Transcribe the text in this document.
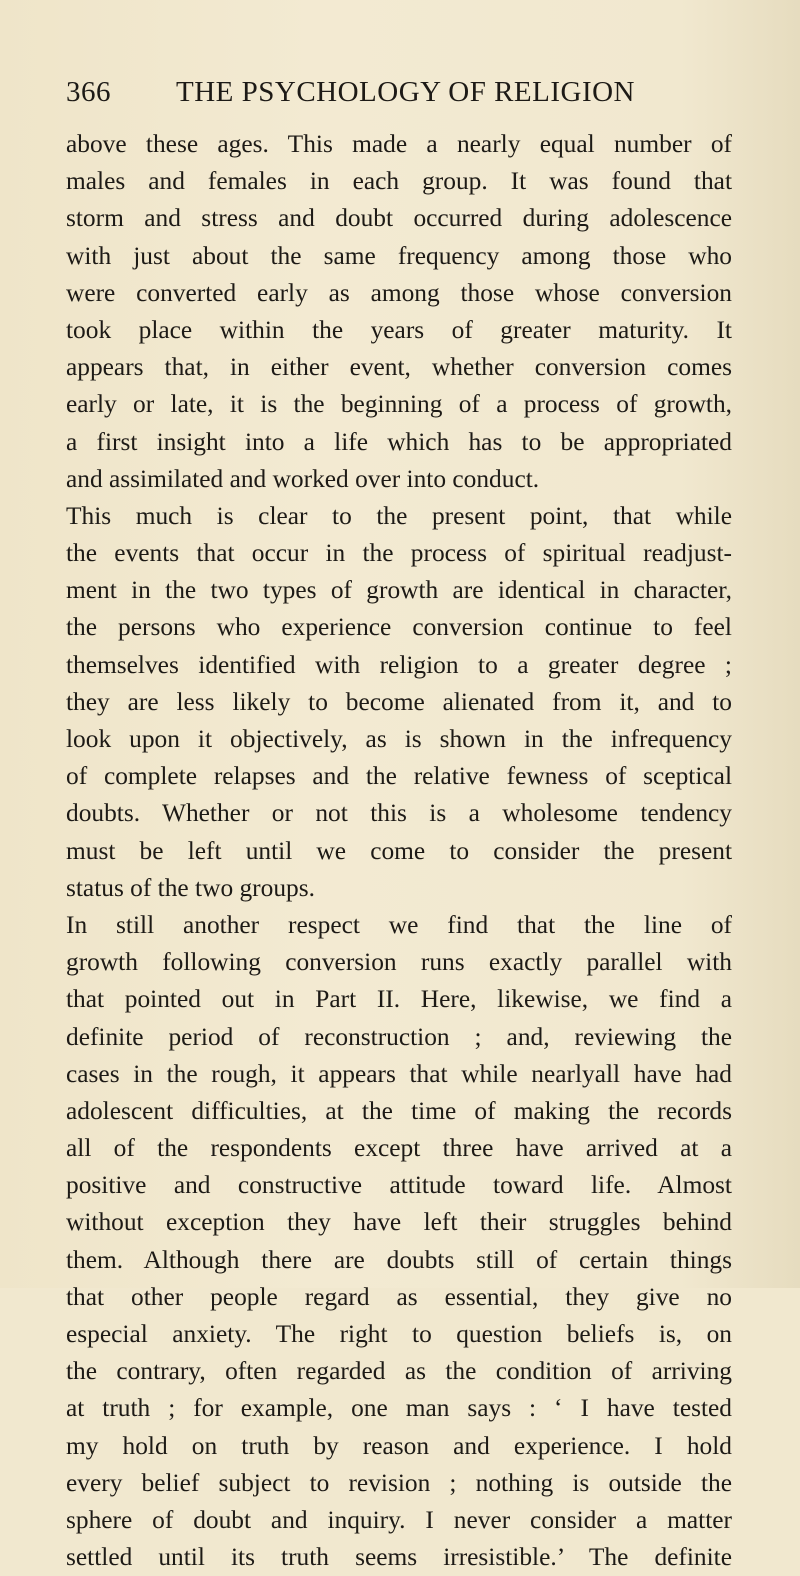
366 THE PSYCHOLOGY OF RELIGION
above these ages. This made a nearly equal number of
males and females in each group. It was found that
storm and stress and doubt occurred during adolescence
with just about the same frequency among those who
were converted early as among those whose conversion
took place within the years of greater maturity. It
appears that, in either event, whether conversion comes
early or late, it is the beginning of a process of growth,
a first insight into a life which has to be appropriated
and assimilated and worked over into conduct.
This much is clear to the present point, that while
the events that occur in the process of spiritual readjust-
ment in the two types of growth are identical in character,
the persons who experience conversion continue to feel
themselves identified with religion to a greater degree ;
they are less likely to become alienated from it, and to
look upon it objectively, as is shown in the infrequency
of complete relapses and the relative fewness of sceptical
doubts. Whether or not this is a wholesome tendency
must be left until we come to consider the present
status of the two groups.
In still another respect we find that the line of
growth following conversion runs exactly parallel with
that pointed out in Part II. Here, likewise, we find a
definite period of reconstruction ; and, reviewing the
cases in the rough, it appears that while nearlyall have had
adolescent difficulties, at the time of making the records
all of the respondents except three have arrived at a
positive and constructive attitude toward life. Almost
without exception they have left their struggles behind
them. Although there are doubts still of certain things
that other people regard as essential, they give no
especial anxiety. The right to question beliefs is, on
the contrary, often regarded as the condition of arriving
at truth ; for example, one man says : ‘ I have tested
my hold on truth by reason and experience. I hold
every belief subject to revision ; nothing is outside the
sphere of doubt and inquiry. I never consider a matter
settled until its truth seems irresistible.’ The definite
